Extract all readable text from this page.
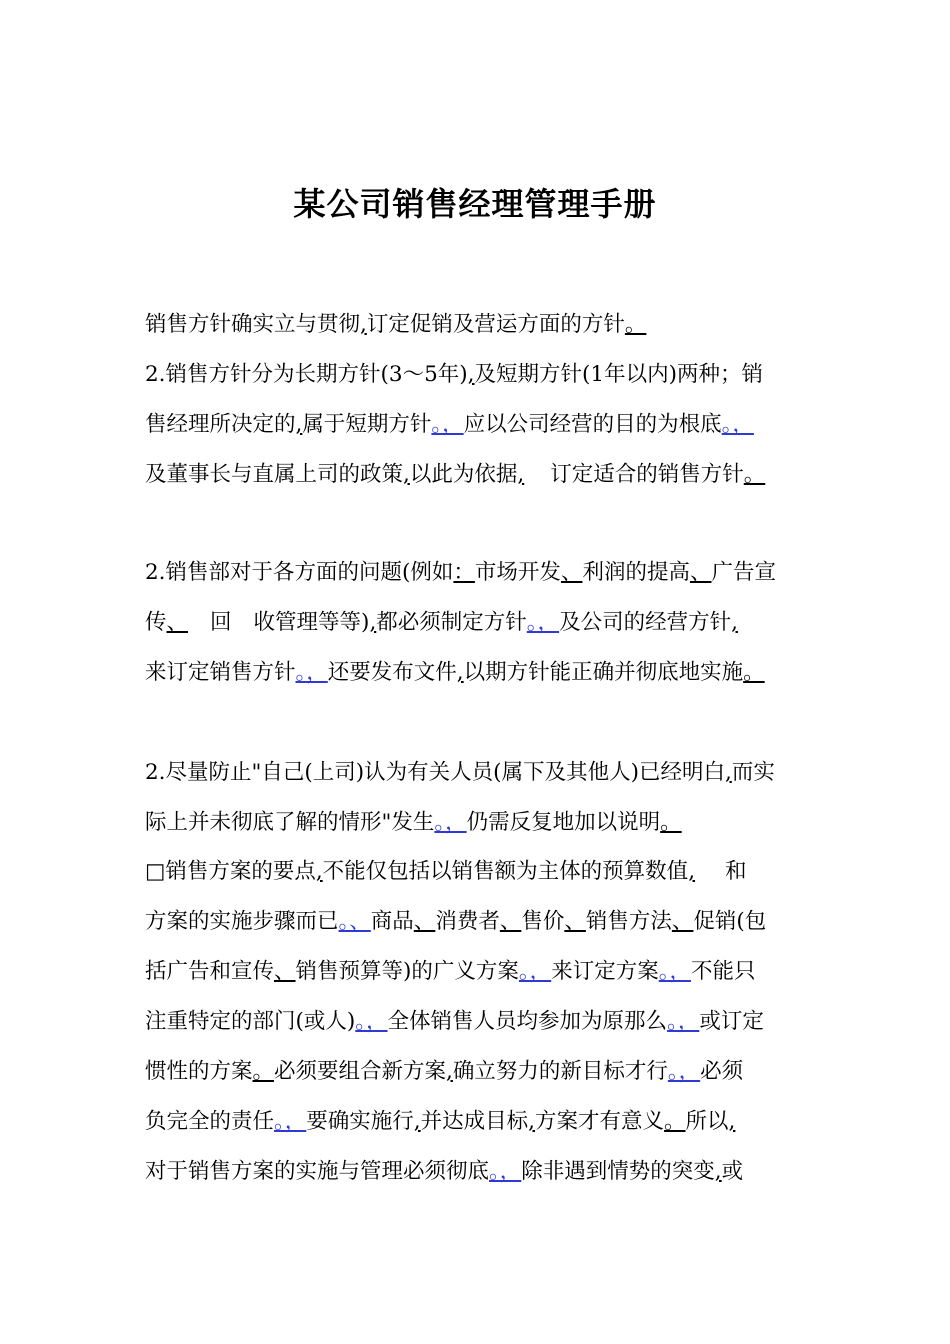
某公司销售经理管理手册
销售方针确实立与贯彻,订定促销及营运方面的方针。
2.销售方针分为长期方针(3～5年),及短期方针(1年以内)两种；销
售经理所决定的,属于短期方针。，应以公司经营的目的为根底。，
及董事长与直属上司的政策,以此为依据, 订定适合的销售方针。
2.销售部对于各方面的问题(例如：市场开发、利润的提高、广告宣
传、 回 收管理等等),都必须制定方针。，及公司的经营方针,
来订定销售方针。，还要发布文件,以期方针能正确并彻底地实施。
2.尽量防止"自己(上司)认为有关人员(属下及其他人)已经明白,而实
际上并未彻底了解的情形"发生。，仍需反复地加以说明。
□销售方案的要点,不能仅包括以销售额为主体的预算数值, 和
方案的实施步骤而已。、商品、消费者、售价、销售方法、促销(包
括广告和宣传、销售预算等)的广义方案。，来订定方案。，不能只
注重特定的部门(或人)。，全体销售人员均参加为原那么。，或订定
惯性的方案。必须要组合新方案,确立努力的新目标才行。，必须
负完全的责任。，要确实施行,并达成目标,方案才有意义。所以,
对于销售方案的实施与管理必须彻底。，除非遇到情势的突变,或
